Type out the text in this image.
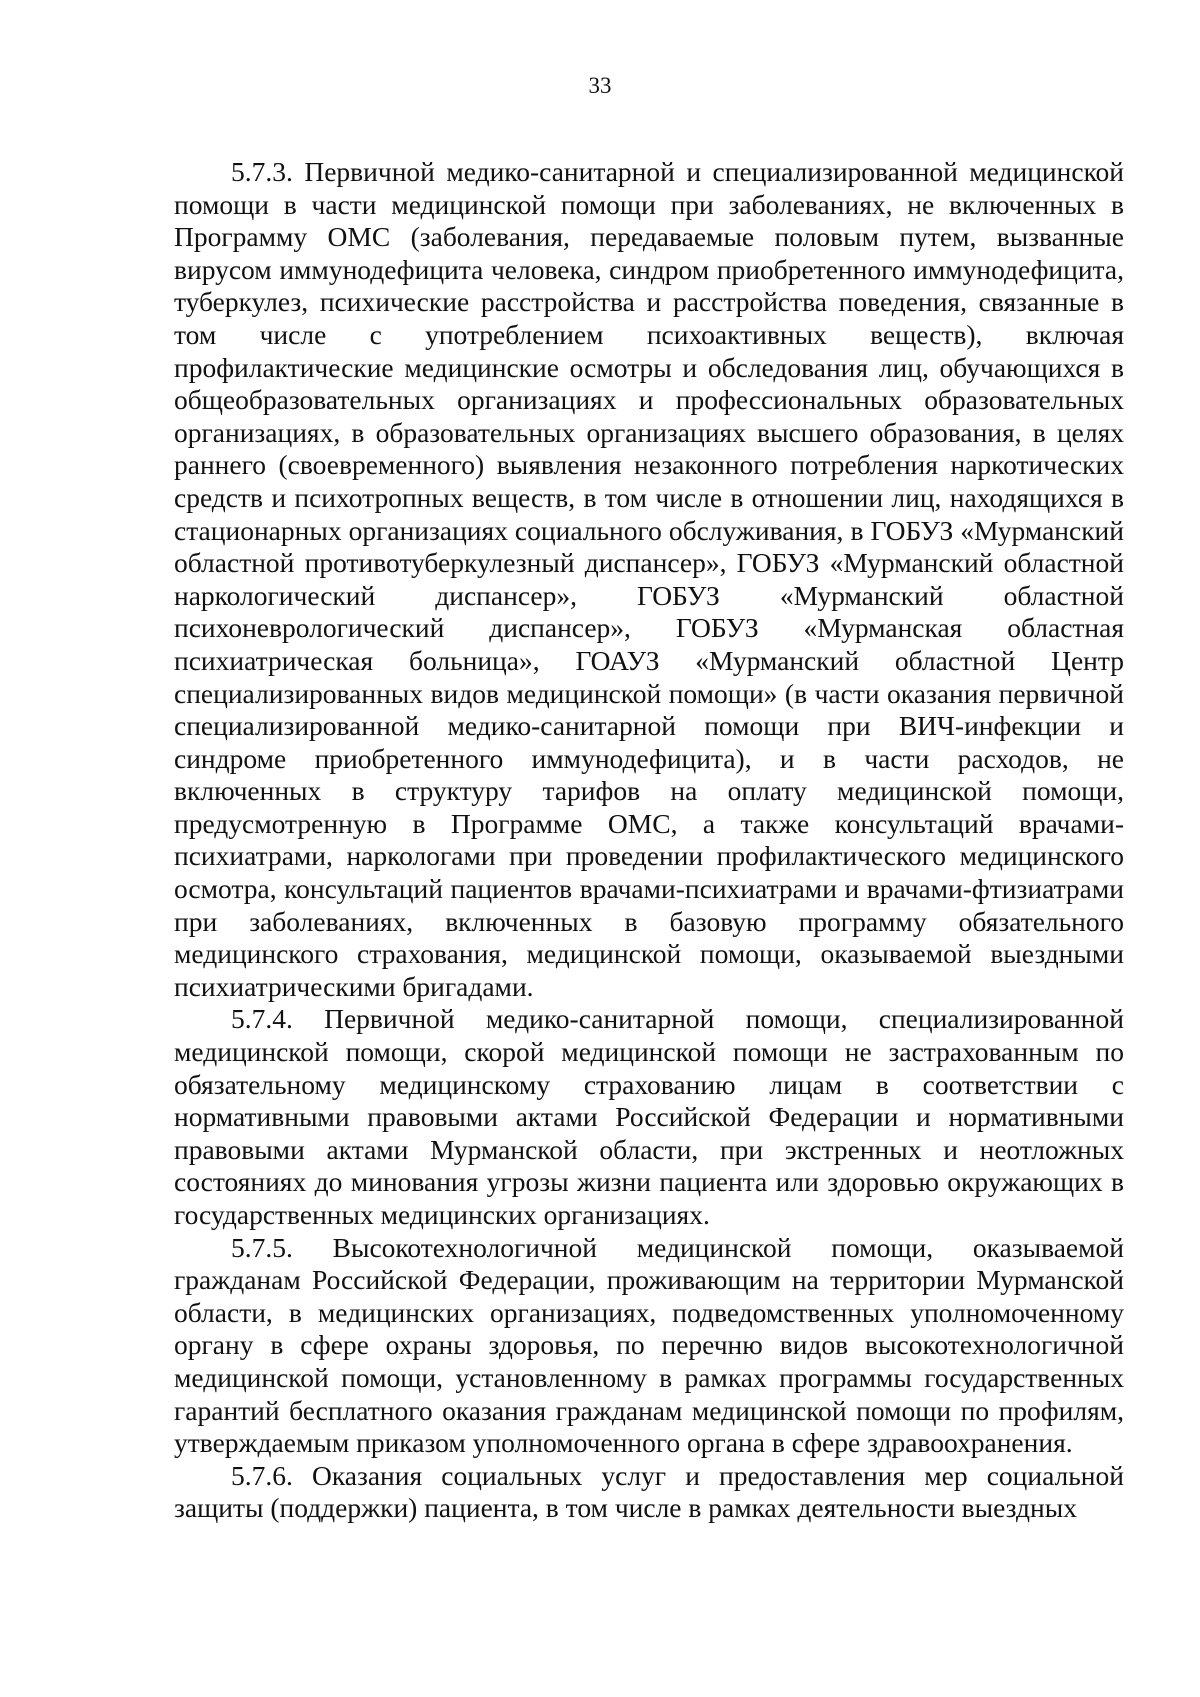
33

5.7.3. Первичной медико-санитарной и специализированной медицинской помощи в части медицинской помощи при заболеваниях, не включенных в Программу ОМС (заболевания, передаваемые половым путем, вызванные вирусом иммунодефицита человека, синдром приобретенного иммунодефицита, туберкулез, психические расстройства и расстройства поведения, связанные в том числе с употреблением психоактивных веществ), включая профилактические медицинские осмотры и обследования лиц, обучающихся в общеобразовательных организациях и профессиональных образовательных организациях, в образовательных организациях высшего образования, в целях раннего (своевременного) выявления незаконного потребления наркотических средств и психотропных веществ, в том числе в отношении лиц, находящихся в стационарных организациях социального обслуживания, в ГОБУЗ «Мурманский областной противотуберкулезный диспансер», ГОБУЗ «Мурманский областной наркологический диспансер», ГОБУЗ «Мурманский областной психоневрологический диспансер», ГОБУЗ «Мурманская областная психиатрическая больница», ГОАУЗ «Мурманский областной Центр специализированных видов медицинской помощи» (в части оказания первичной специализированной медико-санитарной помощи при ВИЧ-инфекции и синдроме приобретенного иммунодефицита), и в части расходов, не включенных в структуру тарифов на оплату медицинской помощи, предусмотренную в Программе ОМС, а также консультаций врачами-психиатрами, наркологами при проведении профилактического медицинского осмотра, консультаций пациентов врачами-психиатрами и врачами-фтизиатрами при заболеваниях, включенных в базовую программу обязательного медицинского страхования, медицинской помощи, оказываемой выездными психиатрическими бригадами.

5.7.4. Первичной медико-санитарной помощи, специализированной медицинской помощи, скорой медицинской помощи не застрахованным по обязательному медицинскому страхованию лицам в соответствии с нормативными правовыми актами Российской Федерации и нормативными правовыми актами Мурманской области, при экстренных и неотложных состояниях до минования угрозы жизни пациента или здоровью окружающих в государственных медицинских организациях.

5.7.5. Высокотехнологичной медицинской помощи, оказываемой гражданам Российской Федерации, проживающим на территории Мурманской области, в медицинских организациях, подведомственных уполномоченному органу в сфере охраны здоровья, по перечню видов высокотехнологичной медицинской помощи, установленному в рамках программы государственных гарантий бесплатного оказания гражданам медицинской помощи по профилям, утверждаемым приказом уполномоченного органа в сфере здравоохранения.

5.7.6. Оказания социальных услуг и предоставления мер социальной защиты (поддержки) пациента, в том числе в рамках деятельности выездных
